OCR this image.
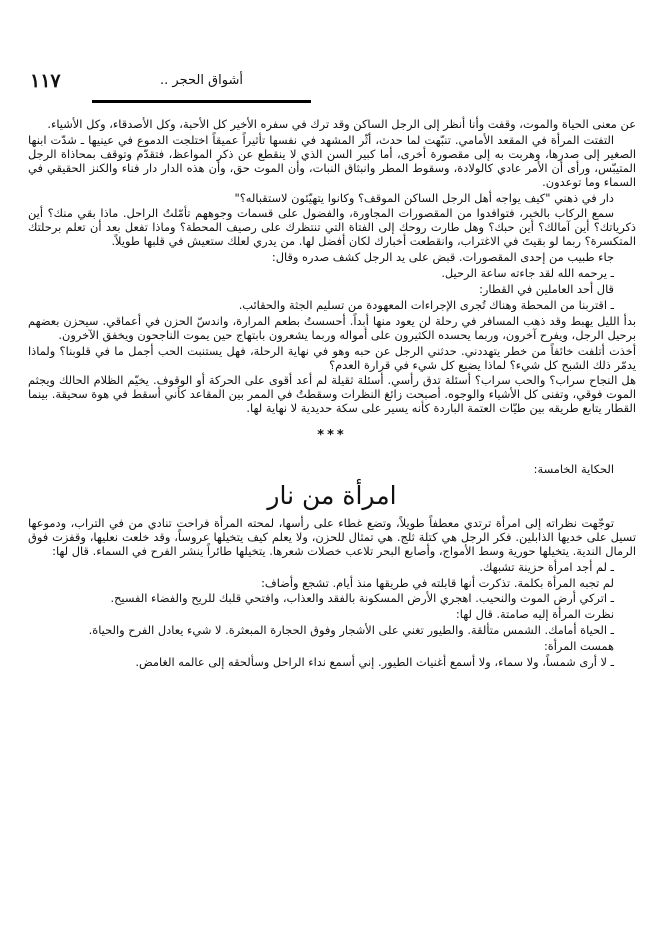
١١٧	أشواق الحجر ..

عن معنى الحياة والموت، وقفت وأنا أنظر إلى الرجل الساكن وقد ترك في سفره الأخير كل الأحبة، وكل الأصدقاء، وكل الأشياء.

التفتت المرأة في المقعد الأمامي. تنبّهت لما حدث، أثّر المشهد في نفسها تأثيراً عميقاً اختلجت الدموع في عينيها ـ شدّت ابنها الصغير إلى صدرها، وهربت به إلى مقصورة أخرى، أما كبير السن الذي لا ينقطع عن ذكر المواعظ، فتقدّم وتوقف بمحاذاة الرجل المتيبّس، ورأى أن الأمر عادي كالولادة، وسقوط المطر وانبثاق النبات، وأن الموت حق، وأن هذه الدار دار فناء والكنز الحقيقي في السماء وما توعدون.

دار في ذهني "كيف يواجه أهل الرجل الساكن الموقف؟ وكانوا يتهيّئون لاستقباله؟"

سمع الركاب بالخبر، فتوافدوا من المقصورات المجاورة، والفضول على قسمات وجوههم تأمّلتُ الراحل. ماذا بقي منك؟ أين ذكرياتك؟ أين آمالك؟ أين حبك؟ وهل طارت روحك إلى الفتاة التي تنتظرك على رصيف المحطة؟ وماذا تفعل بعد أن تعلم برحلتك المتكسرة؟ ربما لو بقيتَ في الاغتراب، وانقطعت أخبارك لكان أفضل لها. من يدري لعلك ستعيش في قلبها طويلاً.

جاء طبيب من إحدى المقصورات. قبض على يد الرجل كشف صدره وقال:

ـ يرحمه الله لقد جاءته ساعة الرحيل.

قال أحد العاملين في القطار:

ـ اقتربنا من المحطة وهناك تُجرى الإجراءات المعهودة من تسليم الجثة والحقائب.

بدأ الليل يهبط وقد ذهب المسافر في رحلة لن يعود منها أبداً. أحسستُ بطعم المرارة، واندسّ الحزن في أعماقي. سيحزن بعضهم برحيل الرجل، ويفرح آخرون، وربما يحسده الكثيرون على أمواله وربما يشعرون بابتهاج حين يموت الناجحون ويخفق الآخرون.

أخذت أتلفت خائفاً من خطر يتهددني. حدثني الرجل عن حبه وهو في نهاية الرحلة، فهل يستنبت الحب أجمل ما في قلوبنا؟ ولماذا يدمّر ذلك الشبح كل شيء؟ لماذا يضيع كل شيء في قرارة العدم؟

هل النجاح سراب؟ والحب سراب؟ أسئلة تدق رأسي. أسئلة ثقيلة لم أعد أقوى على الحركة أو الوقوف. يخيّم الظلام الحالك ويجثم الموت فوقي، وتفنى كل الأشياء والوجوه. أصبحت زائغ النظرات وسقطتُ في الممر بين المقاعد كأني أسقط في هوة سحيقة. بينما القطار يتابع طريقه بين طيّات العتمة الباردة كأنه يسير على سكة حديدية لا نهاية لها.

***

الحكاية الخامسة:

امرأة من نار

توجّهت نظراته إلى امرأة ترتدي معطفاً طويلاً، وتضع غطاء على رأسها، لمحته المرأة فراحت تنادي من في التراب، ودموعها تسيل على خديها الذابلين. فكر الرجل هي كتلة ثلج. هي تمثال للحزن، ولا يعلم كيف يتخيلها عروساً، وقد خلعت نعليها، وقفزت فوق الرمال الندية. يتخيلها حورية وسط الأمواج، وأصابع البحر تلاعب خصلات شعرها. يتخيلها طائراً ينشر الفرح في السماء. قال لها:

ـ لم أجد امرأة حزينة تشبهك.

لم تجبه المرأة بكلمة. تذكرت أنها قابلته في طريقها منذ أيام. تشجع وأضاف:

ـ اتركي أرض الموت والنحيب. اهجري الأرض المسكونة بالفقد والعذاب، وافتحي قلبك للريح والفضاء الفسيح.

نظرت المرأة إليه صامتة. قال لها:

ـ الحياة أمامك. الشمس متألقة. والطيور تغني على الأشجار وفوق الحجارة المبعثرة. لا شيء يعادل الفرح والحياة.

همست المرأة:

ـ لا أرى شمساً، ولا سماء، ولا أسمع أغنيات الطيور. إني أسمع نداء الراحل وسألحقه إلى عالمه الغامض.
